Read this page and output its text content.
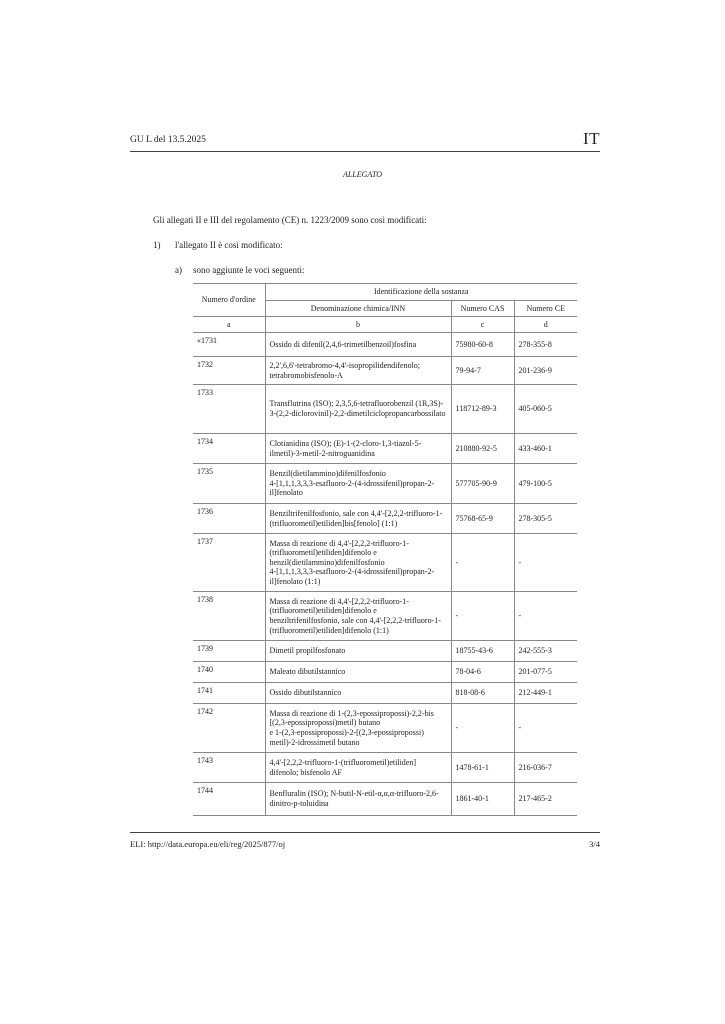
GU L del 13.5.2025	IT
ALLEGATO
Gli allegati II e III del regolamento (CE) n. 1223/2009 sono così modificati:
1) l'allegato II è così modificato:
a) sono aggiunte le voci seguenti:
Numero d'ordine	Identificazione della sostanza		
	Denominazione chimica/INN	Numero CAS	Numero CE
a	b	c	d
«1731	Ossido di difenil(2,4,6-trimetilbenzoil)fosfina	75980-60-8	278-355-8
1732	2,2',6,6'-tetrabromo-4,4'-isopropilidendifenolo; tetrabromobisfenolo-A	79-94-7	201-236-9
1733	Transflutrina (ISO); 2,3,5,6-tetrafluorobenzil (1R,3S)-
3-(2,2-diclorovinil)-2,2-dimetilciclopropancarbossilato	118712-89-3	405-060-5
1734	Clotianidina (ISO); (E)-1-(2-cloro-1,3-tiazol-5-ilmetil)-3-metil-2-nitroguanidina	210880-92-5	433-460-1
1735	Benzil(dietilammino)difenilfosfonio
4-[1,1,1,3,3,3-esafluoro-2-(4-idrossifenil)propan-2-il]fenolato	577705-90-9	479-100-5
1736	Benziltrifenilfosfonio, sale con 4,4'-[2,2,2-trifluoro-1-(trifluorometil)etiliden]bis[fenolo] (1:1)	75768-65-9	278-305-5
1737	Massa di reazione di 4,4'-[2,2,2-trifluoro-1-(trifluorometil)etiliden]difenolo e benzil(dietilammino)difenilfosfonio
4-[1,1,1,3,3,3-esafluoro-2-(4-idrossifenil)propan-2-il]fenolato (1:1)	-	-
1738	Massa di reazione di 4,4'-[2,2,2-trifluoro-1-(trifluorometil)etiliden]difenolo e benziltrifenilfosfonio, sale con 4,4'-[2,2,2-trifluoro-1-(trifluorometil)etiliden]difenolo (1:1)	-	-
1739	Dimetil propilfosfonato	18755-43-6	242-555-3
1740	Maleato dibutilstannico	78-04-6	201-077-5
1741	Ossido dibutilstannico	818-08-6	212-449-1
1742	Massa di reazione di 1-(2,3-epossipropossi)-2,2-bis [(2,3-epossipropossi)metil) butano
e 1-(2,3-epossipropossi)-2-[(2,3-epossipropossi) metil)-2-idrossimetil butano	-	-
1743	4,4'-[2,2,2-trifluoro-1-(trifluorometil)etiliden] difenolo; bisfenolo AF	1478-61-1	216-036-7
1744	Benfluralin (ISO); N-butil-N-etil-α,α,α-trifluoro-2,6-dinitro-p-toluidina	1861-40-1	217-465-2
ELI: http://data.europa.eu/eli/reg/2025/877/oj	3/4
